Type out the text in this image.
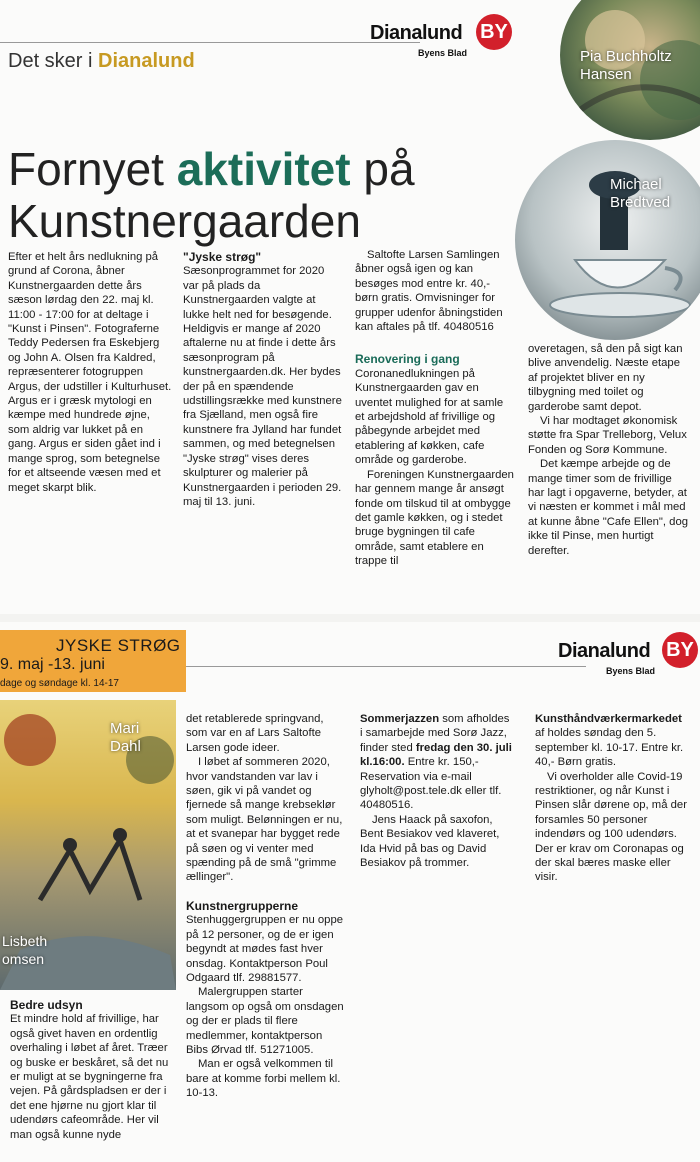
Det sker i Dianalund
Dianalund BY
Byens Blad	Pia Buchholtz Hansen
Michael Bredtved
Fornyet aktivitet på
Kunstnergaarden

Efter et helt års nedlukning på grund af Corona, åbner Kunstnergaarden dette års sæson lørdag den 22. maj kl. 11:00 - 17:00 for at deltage i "Kunst i Pinsen". Fotograferne Teddy Pedersen fra Eskebjerg og John A. Olsen fra Kaldred, repræsenterer fotogruppen Argus, der udstiller i Kulturhuset. Argus er i græsk mytologi en kæmpe med hundrede øjne, som aldrig var lukket på en gang. Argus er siden gået ind i mange sprog, som betegnelse for et altseende væsen med et meget skarpt blik.

"Jyske strøg"

Sæsonprogrammet for 2020 var på plads da Kunstnergaarden valgte at lukke helt ned for besøgende. Heldigvis er mange af 2020 aftalerne nu at finde i dette års sæsonprogram på kunstnergaarden.dk. Her bydes der på en spændende udstillingsrække med kunstnere fra Sjælland, men også fire kunstnere fra Jylland har fundet sammen, og med betegnelsen "Jyske strøg" vises deres skulpturer og malerier på Kunstnergaarden i perioden 29. maj til 13. juni.

Saltofte Larsen Samlingen åbner også igen og kan besøges mod entre kr. 40,- børn gratis. Omvisninger for grupper udenfor åbningstiden kan aftales på tlf. 40480516

Renovering i gang

Coronanedlukningen på Kunstnergaarden gav en uventet mulighed for at samle et arbejdshold af frivillige og påbegynde arbejdet med etablering af køkken, cafe område og garderobe.

Foreningen Kunstnergaarden har gennem mange år ansøgt fonde om tilskud til at ombygge det gamle køkken, og i stedet bruge bygningen til cafe område, samt etablere en trappe til

overetagen, så den på sigt kan blive anvendelig. Næste etape af projektet bliver en ny tilbygning med toilet og garderobe samt depot.

Vi har modtaget økonomisk støtte fra Spar Trelleborg, Velux Fonden og Sorø Kommune.

Det kæmpe arbejde og de mange timer som de frivillige har lagt i opgaverne, betyder, at vi næsten er kommet i mål med at kunne åbne "Cafe Ellen", dog ikke til Pinse, men hurtigt derefter.

JYSKE STRØG
9. maj -13. juni
dage og søndage kl. 14-17
Dianalund BY
Byens Blad
Mari Dahl
Lisbeth
omsen

Bedre udsyn

Et mindre hold af frivillige, har også givet haven en ordentlig overhaling i løbet af året. Træer og buske er beskåret, så det nu er muligt at se bygningerne fra vejen. På gårdspladsen er der i det ene hjørne nu gjort klar til udendørs cafeområde. Her vil man også kunne nyde

det retablerede springvand, som var en af Lars Saltofte Larsen gode ideer.

I løbet af sommeren 2020, hvor vandstanden var lav i søen, gik vi på vandet og fjernede så mange krebseklør som muligt. Belønningen er nu, at et svanepar har bygget rede på søen og vi venter med spænding på de små "grimme ællinger".

Kunstnergrupperne

Stenhuggergruppen er nu oppe på 12 personer, og de er igen begyndt at mødes fast hver onsdag. Kontaktperson Poul Odgaard tlf. 29881577.

Malergruppen starter langsom op også om onsdagen og der er plads til flere medlemmer, kontaktperson Bibs Ørvad tlf. 51271005.

Man er også velkommen til bare at komme forbi mellem kl. 10-13.

Sommerjazzen som afholdes i samarbejde med Sorø Jazz, finder sted fredag den 30. juli kl.16:00. Entre kr. 150,- Reservation via e-mail glyholt@post.tele.dk eller tlf. 40480516.

Jens Haack på saxofon, Bent Besiakov ved klaveret, Ida Hvid på bas og David Besiakov på trommer.

Kunsthåndværkermarkedet af holdes søndag den 5. september kl. 10-17. Entre kr. 40,- Børn gratis.

Vi overholder alle Covid-19 restriktioner, og når Kunst i Pinsen slår dørene op, må der forsamles 50 personer indendørs og 100 udendørs. Der er krav om Coronapas og der skal bæres maske eller visir.
